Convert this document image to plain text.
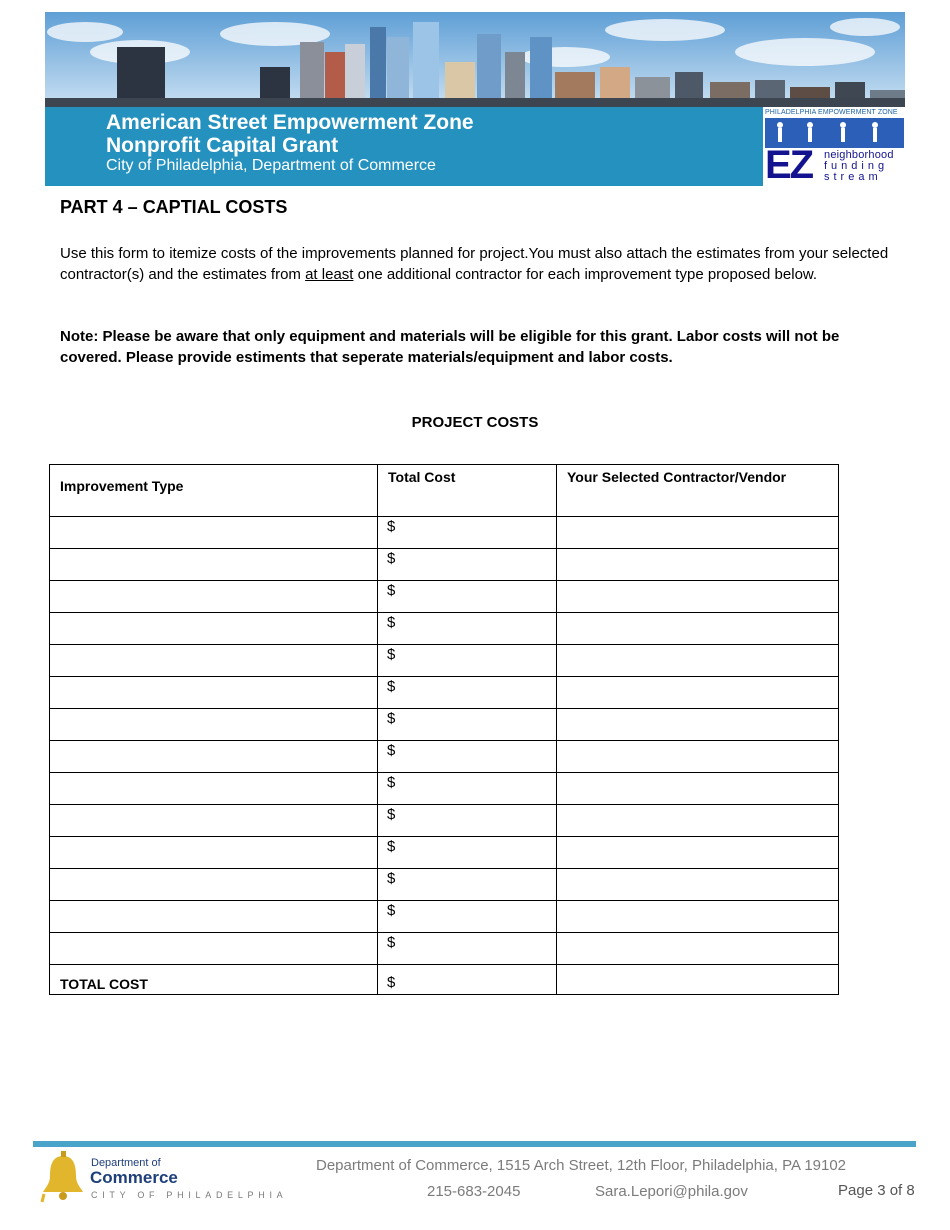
American Street Empowerment Zone
Nonprofit Capital Grant
City of Philadelphia, Department of Commerce
PHILADELPHIA EMPOWERMENT ZONE
EZ neighborhood
funding
stream
PART 4 – CAPTIAL COSTS
Use this form to itemize costs of the improvements planned for project.You must also attach the estimates from your selected contractor(s) and the estimates from at least one additional contractor for each improvement type proposed below.
Note: Please be aware that only equipment and materials will be eligible for this grant. Labor costs will not be covered. Please provide estiments that seperate materials/equipment and labor costs.
PROJECT COSTS
Improvement Type	Total Cost	Your Selected Contractor/Vendor

	$	

	$	

	$	

	$	

	$	

	$	

	$	

	$	

	$	

	$	

	$	

	$	

	$	

	$	

TOTAL COST	$	

Department of
Commerce
CITY OF PHILADELPHIA
Department of Commerce, 1515 Arch Street, 12th Floor, Philadelphia, PA 19102
215-683-2045	Sara.Lepori@phila.gov	Page 3 of 8
